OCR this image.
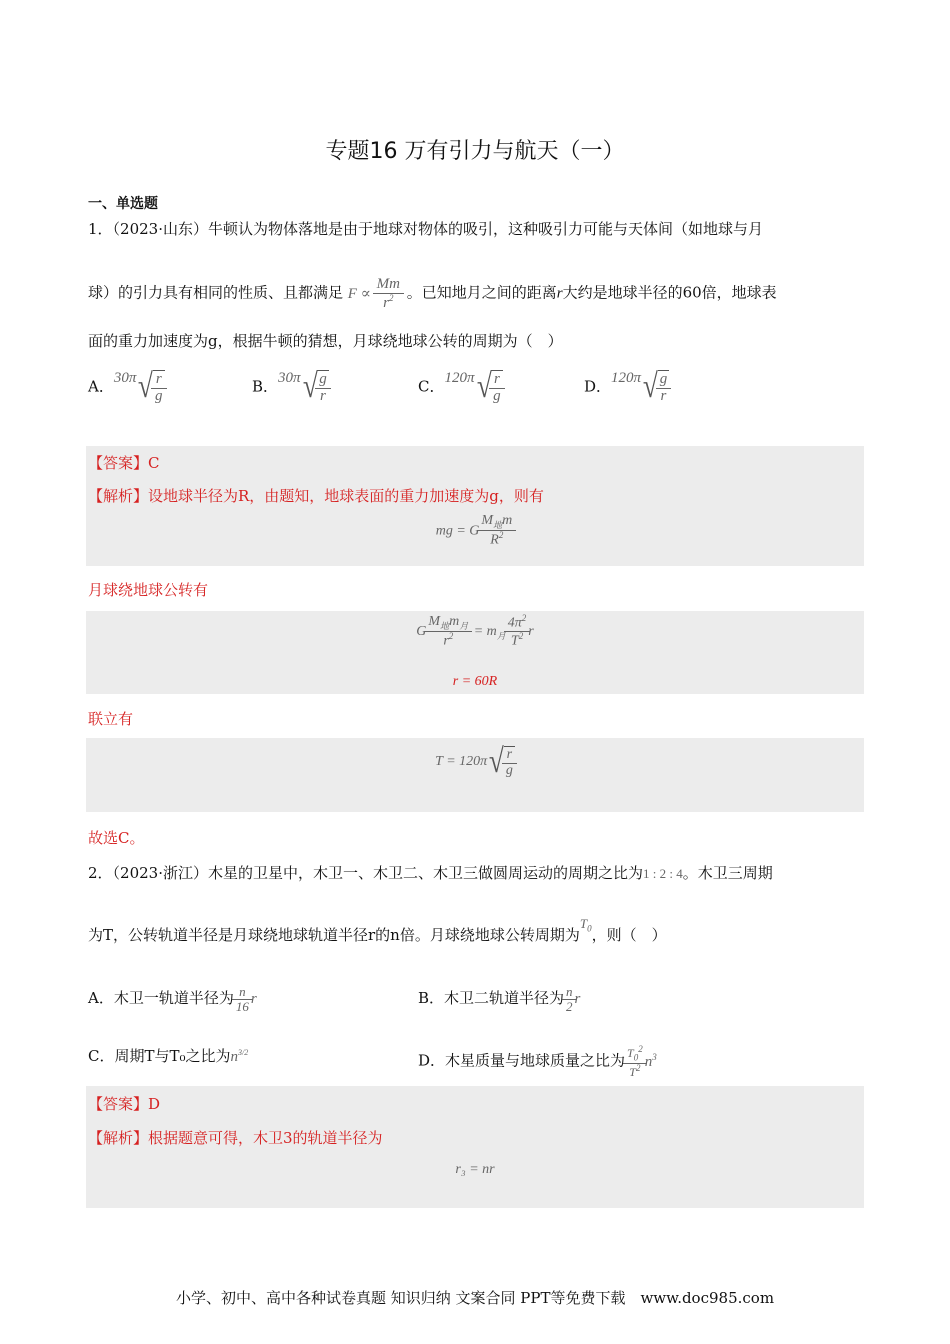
专题16 万有引力与航天（一）
一、单选题
1．（2023·山东）牛顿认为物体落地是由于地球对物体的吸引，这种吸引力可能与天体间（如地球与月
球）的引力具有相同的性质、且都满足 $F \propto \frac{Mm}{r^2}$ 。已知地月之间的距离r大约是地球半径的60倍，地球表
面的重力加速度为g，根据牛顿的猜想，月球绕地球公转的周期为（　）
A．30π √ $\frac{r}{g}$	B．30π √ $\frac{g}{r}$	C．120π √ $\frac{r}{g}$	D．120π √ $\frac{g}{r}$
【答案】C
【解析】设地球半径为R，由题知，地球表面的重力加速度为g，则有
mg = G $\frac{M_地m}{R^2}$
月球绕地球公转有
G $\frac{M_地m_月}{r^2} = m_月 \frac{4\pi^2}{T^2}$ r
r = 60R
联立有
T = 120π √ $\frac{r}{g}$
故选C。
2．（2023·浙江）木星的卫星中，木卫一、木卫二、木卫三做圆周运动的周期之比为1 : 2 : 4。木卫三周期
为T，公转轨道半径是月球绕地球轨道半径r的n倍。月球绕地球公转周期为$T_0$，则（　）
A．木卫一轨道半径为 $\frac{n}{16}$ r	B．木卫二轨道半径为 $\frac{n}{2}$ r
C．周期T与T₀之比为$n^{3/2}$	D．木星质量与地球质量之比为 $\frac{T_0^2}{T^2} n^3$
【答案】D
【解析】根据题意可得，木卫3的轨道半径为
r₃ = nr
小学、初中、高中各种试卷真题 知识归纳 文案合同 PPT等免费下载　www.doc985.com
